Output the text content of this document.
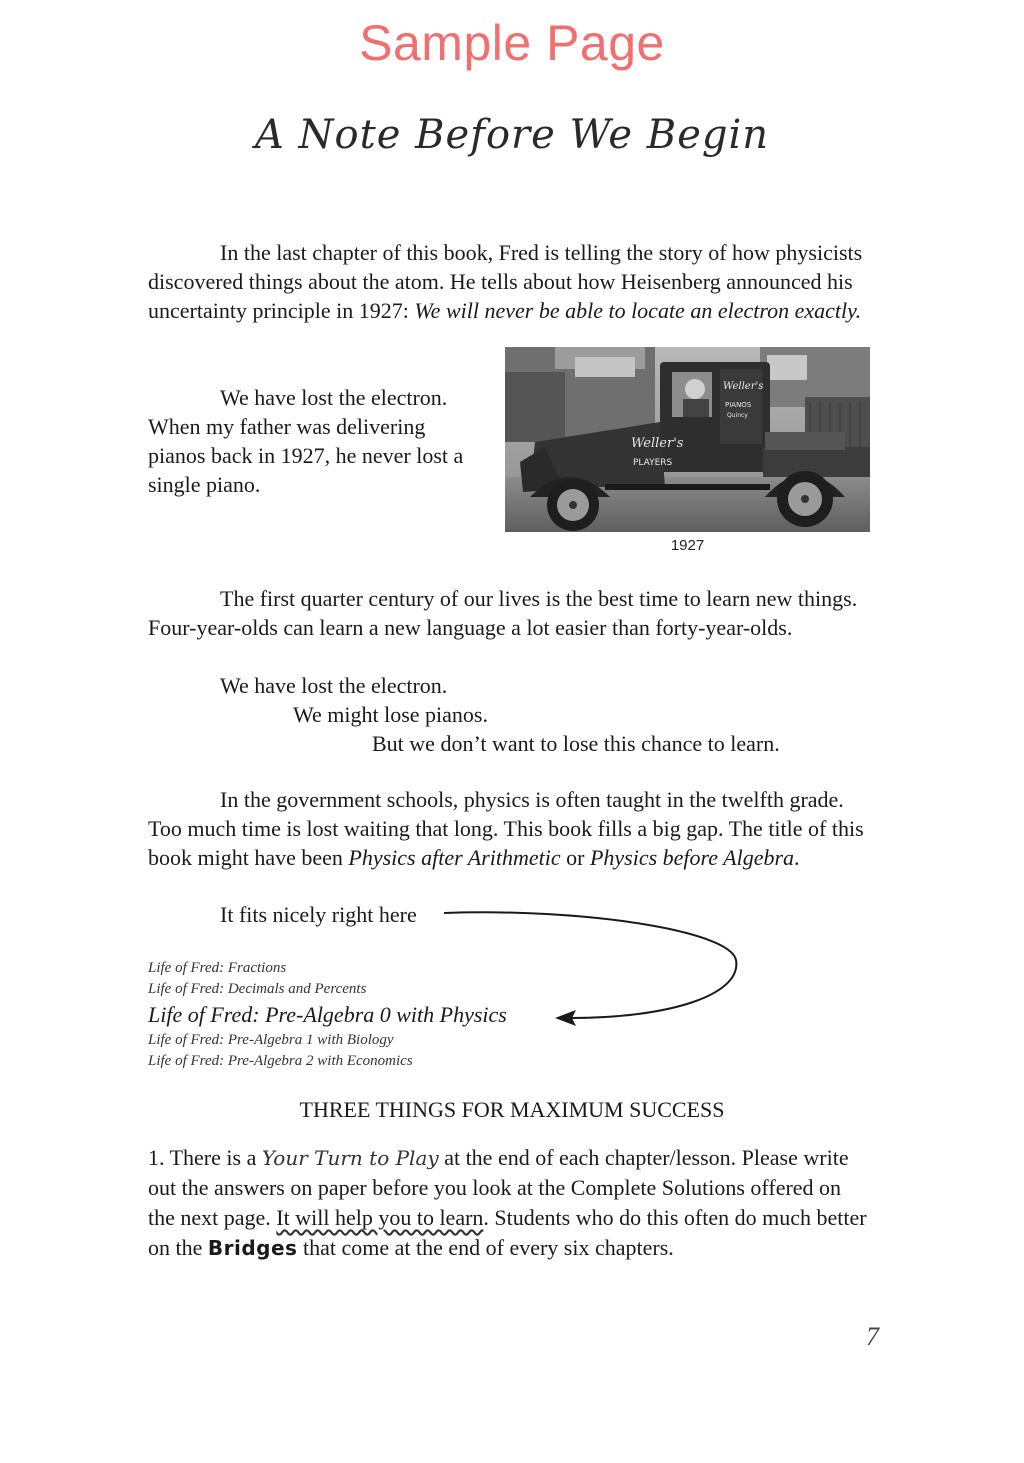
Sample Page
A Note Before We Begin

In the last chapter of this book, Fred is telling the story of how physicists discovered things about the atom. He tells about how Heisenberg announced his uncertainty principle in 1927: We will never be able to locate an electron exactly.

We have lost the electron. When my father was delivering pianos back in 1927, he never lost a single piano.

Weller's
PLAYERS
Weller's
PIANOS
Quincy
1927

The first quarter century of our lives is the best time to learn new things. Four-year-olds can learn a new language a lot easier than forty-year-olds.

We have lost the electron.
We might lose pianos.
But we don’t want to lose this chance to learn.

In the government schools, physics is often taught in the twelfth grade. Too much time is lost waiting that long. This book fills a big gap. The title of this book might have been Physics after Arithmetic or Physics before Algebra.

It fits nicely right here
Life of Fred: Fractions
Life of Fred: Decimals and Percents
Life of Fred: Pre-Algebra 0 with Physics
Life of Fred: Pre-Algebra 1 with Biology
Life of Fred: Pre-Algebra 2 with Economics
THREE THINGS FOR MAXIMUM SUCCESS

1. There is a Your Turn to Play at the end of each chapter/lesson. Please write out the answers on paper before you look at the Complete Solutions offered on the next page. It will help you to learn. Students who do this often do much better on the Bridges that come at the end of every six chapters.

7
